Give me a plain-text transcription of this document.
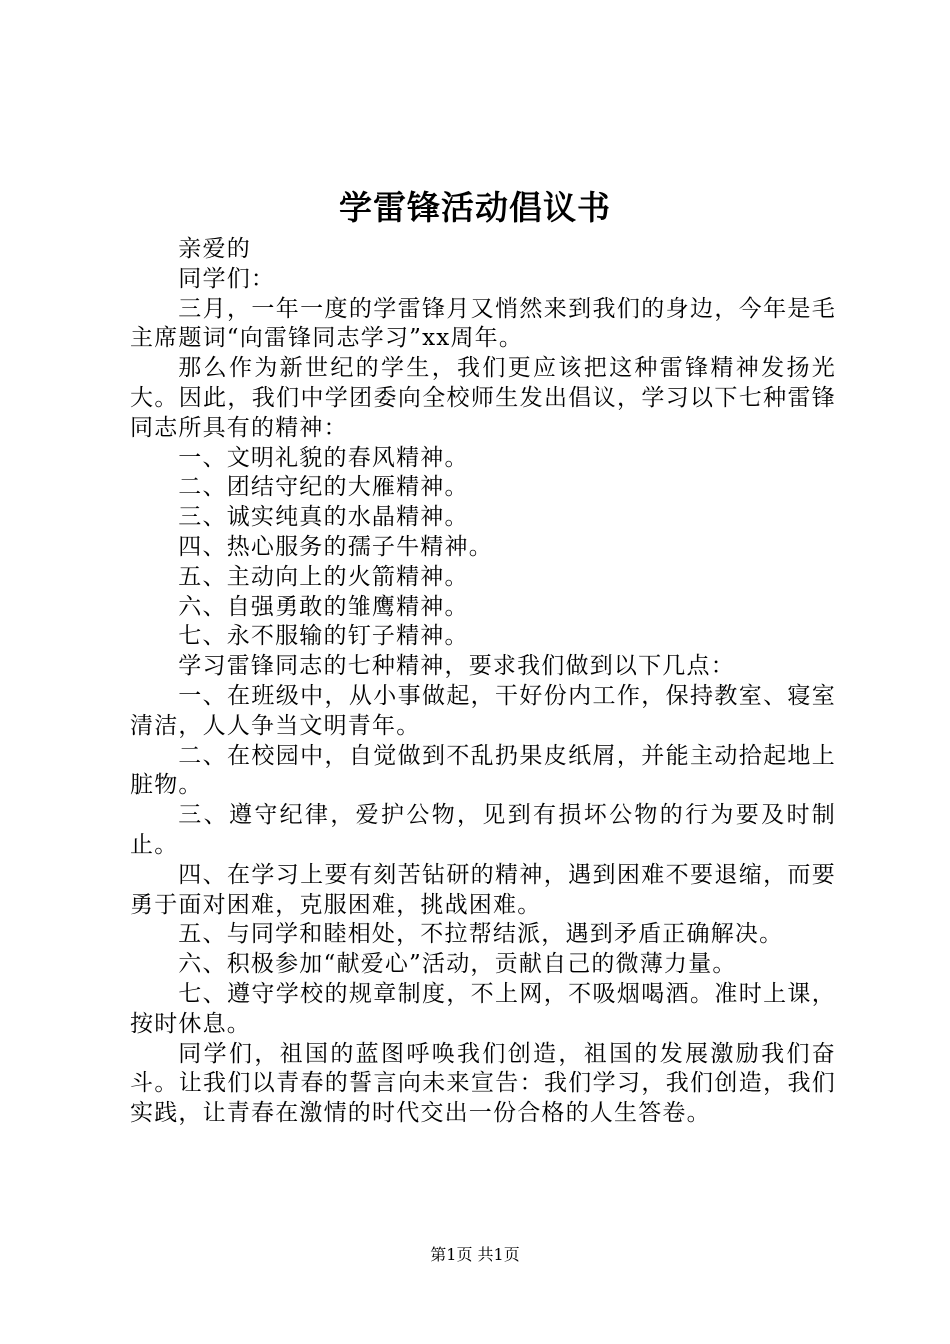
学雷锋活动倡议书

亲爱的

同学们：

三月，一年一度的学雷锋月又悄然来到我们的身边，今年是毛主席题词“向雷锋同志学习”xx周年。

那么作为新世纪的学生，我们更应该把这种雷锋精神发扬光大。因此，我们中学团委向全校师生发出倡议，学习以下七种雷锋同志所具有的精神：

一、文明礼貌的春风精神。

二、团结守纪的大雁精神。

三、诚实纯真的水晶精神。

四、热心服务的孺子牛精神。

五、主动向上的火箭精神。

六、自强勇敢的雏鹰精神。

七、永不服输的钉子精神。

学习雷锋同志的七种精神，要求我们做到以下几点：

一、在班级中，从小事做起，干好份内工作，保持教室、寝室清洁，人人争当文明青年。

二、在校园中，自觉做到不乱扔果皮纸屑，并能主动拾起地上脏物。

三、遵守纪律，爱护公物，见到有损坏公物的行为要及时制止。

四、在学习上要有刻苦钻研的精神，遇到困难不要退缩，而要勇于面对困难，克服困难，挑战困难。

五、与同学和睦相处，不拉帮结派，遇到矛盾正确解决。

六、积极参加“献爱心”活动，贡献自己的微薄力量。

七、遵守学校的规章制度，不上网，不吸烟喝酒。准时上课，按时休息。

同学们，祖国的蓝图呼唤我们创造，祖国的发展激励我们奋斗。让我们以青春的誓言向未来宣告：我们学习，我们创造，我们实践，让青春在激情的时代交出一份合格的人生答卷。

第1页 共1页
